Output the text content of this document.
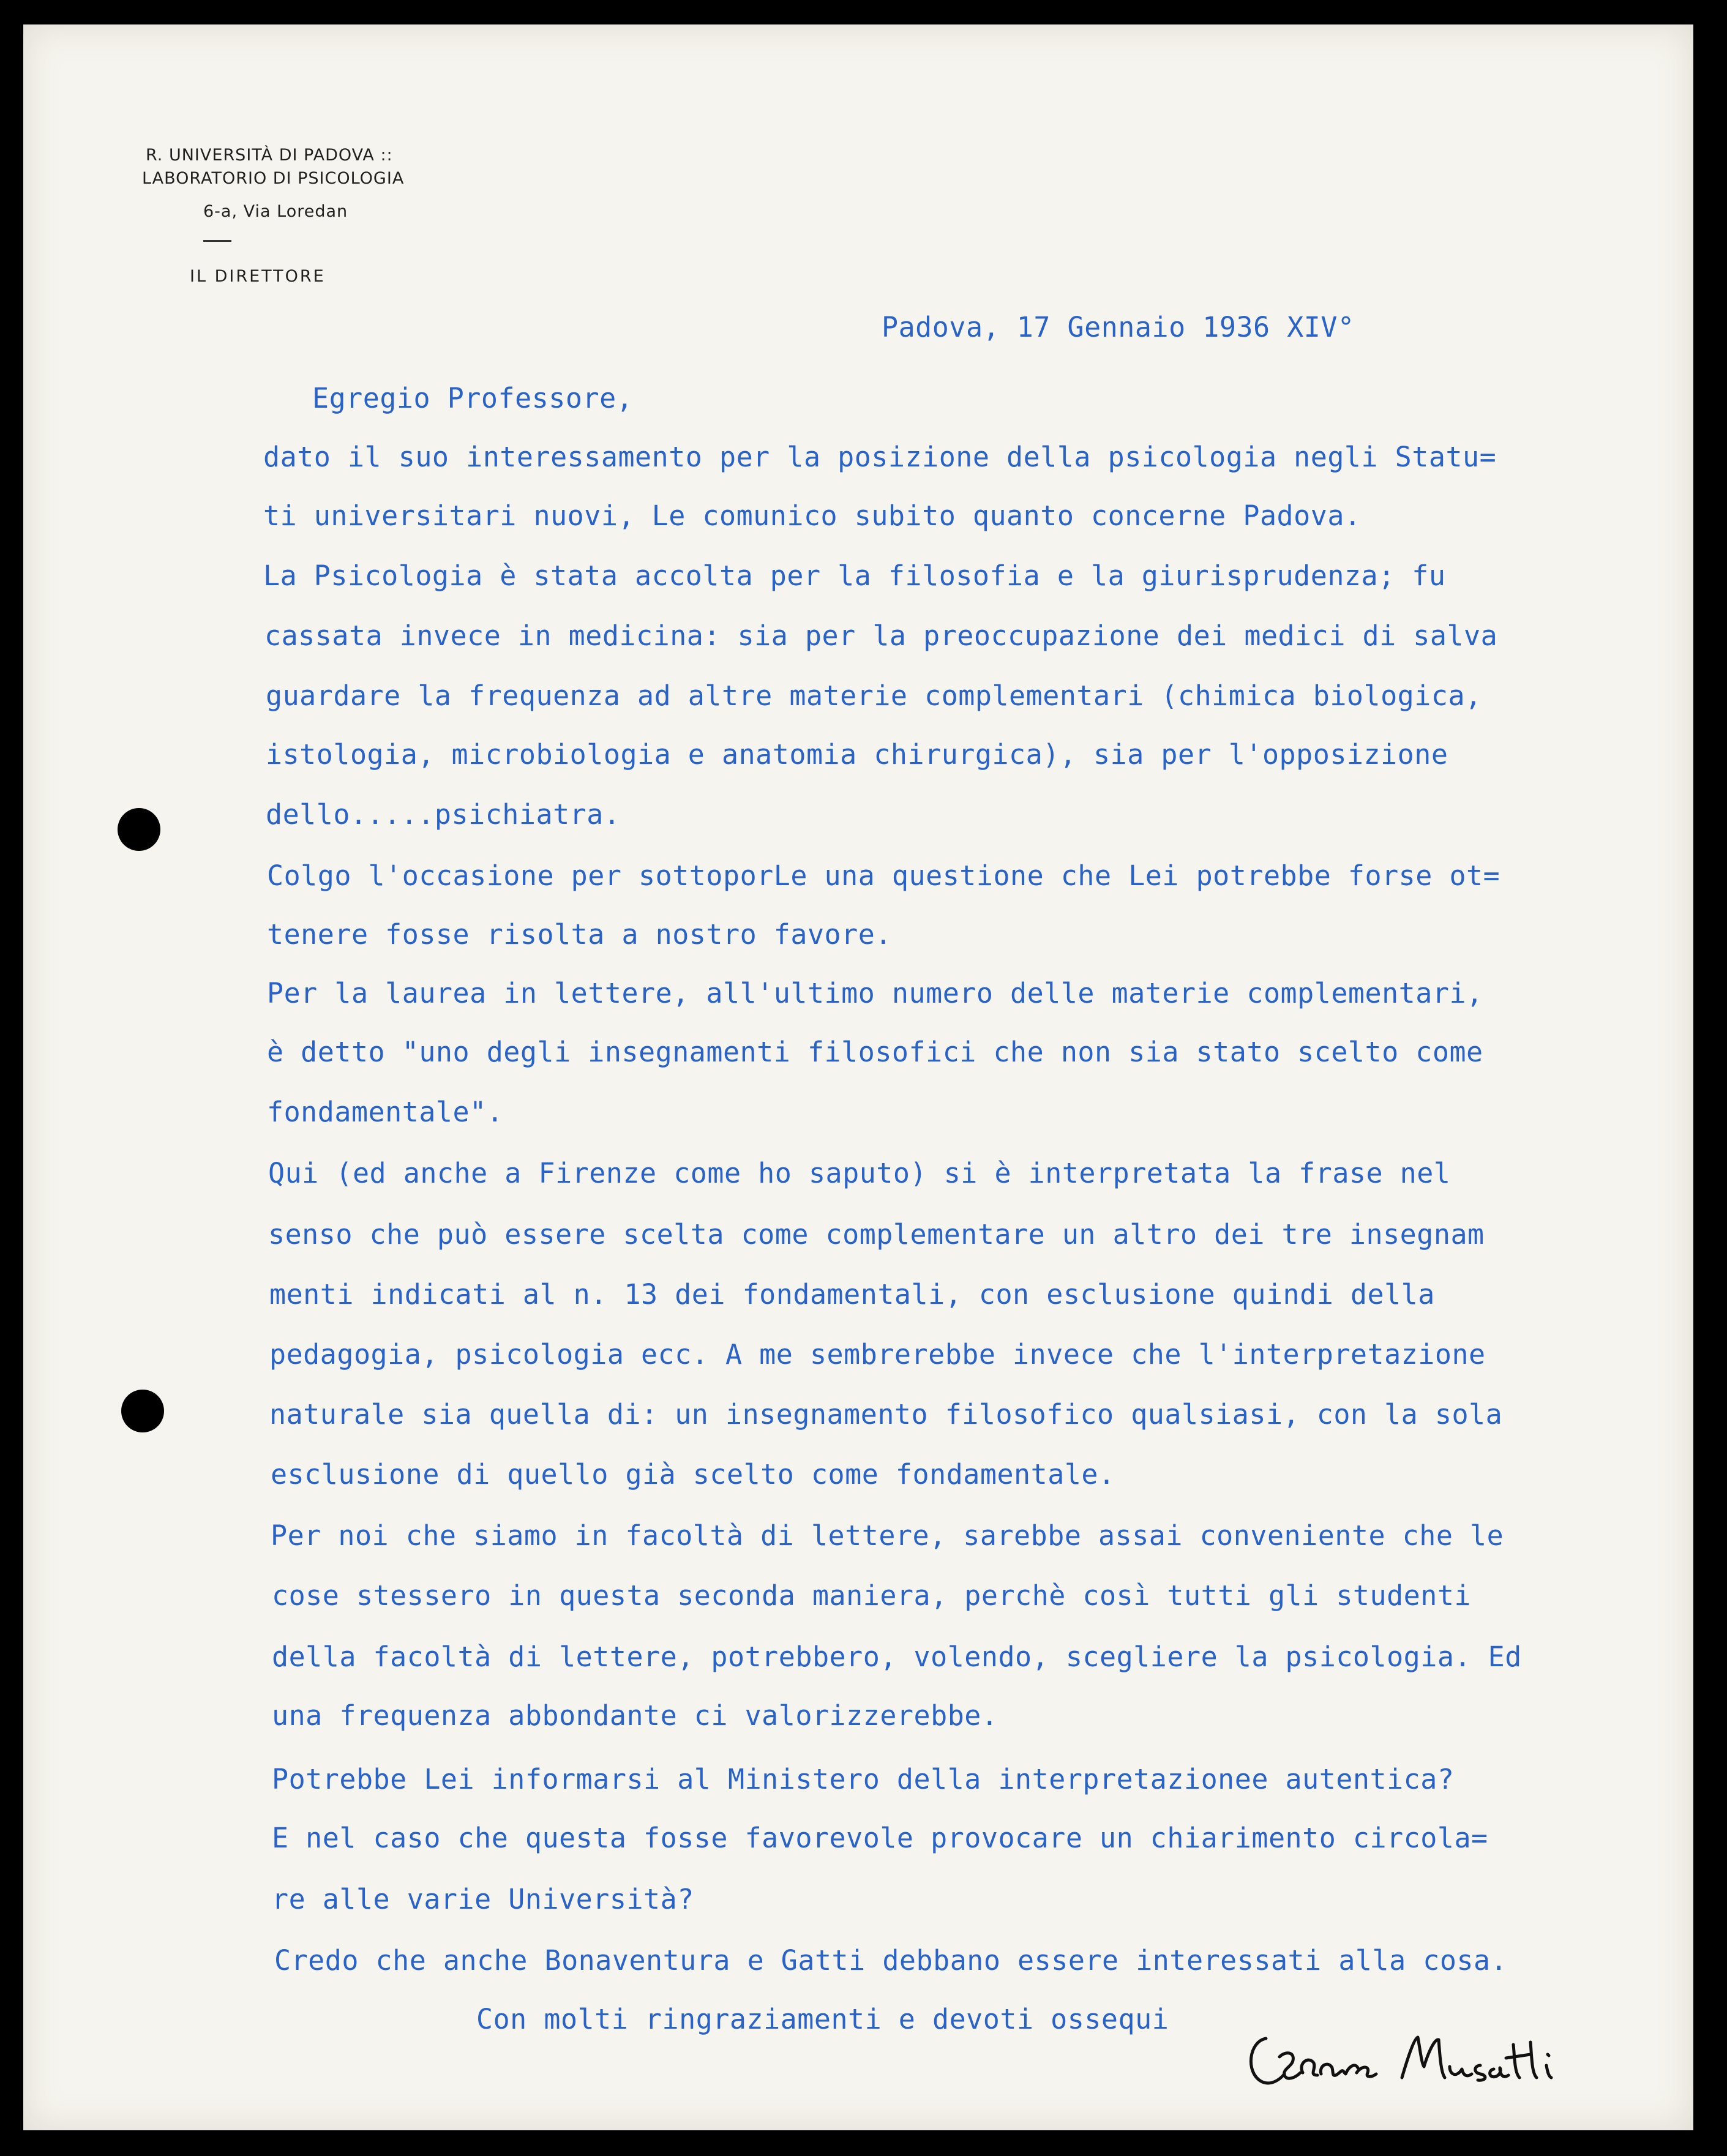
R. UNIVERSITÀ DI PADOVA ::
LABORATORIO DI PSICOLOGIA
6-a, Via Loredan
IL DIRETTORE
Padova, 17 Gennaio 1936 XIV°
Egregio Professore,
dato il suo interessamento per la posizione della psicologia negli Statu=
ti universitari nuovi, Le comunico subito quanto concerne Padova.
La Psicologia è stata accolta per la filosofia e la giurisprudenza; fu
cassata invece in medicina: sia per la preoccupazione dei medici di salva
guardare la frequenza ad altre materie complementari (chimica biologica,
istologia, microbiologia e anatomia chirurgica), sia per l'opposizione
dello.....psichiatra.
Colgo l'occasione per sottoporLe una questione che Lei potrebbe forse ot=
tenere fosse risolta a nostro favore.
Per la laurea in lettere, all'ultimo numero delle materie complementari,
è detto "uno degli insegnamenti filosofici che non sia stato scelto come
fondamentale".
Qui (ed anche a Firenze come ho saputo) si è interpretata la frase nel
senso che può essere scelta come complementare un altro dei tre insegnam
menti indicati al n. 13 dei fondamentali, con esclusione quindi della
pedagogia, psicologia ecc. A me sembrerebbe invece che l'interpretazione
naturale sia quella di: un insegnamento filosofico qualsiasi, con la sola
esclusione di quello già scelto come fondamentale.
Per noi che siamo in facoltà di lettere, sarebbe assai conveniente che le
cose stessero in questa seconda maniera, perchè così tutti gli studenti
della facoltà di lettere, potrebbero, volendo, scegliere la psicologia. Ed
una frequenza abbondante ci valorizzerebbe.
Potrebbe Lei informarsi al Ministero della interpretazionee autentica?
E nel caso che questa fosse favorevole provocare un chiarimento circola=
re alle varie Università?
Credo che anche Bonaventura e Gatti debbano essere interessati alla cosa.
Con molti ringraziamenti e devoti ossequi
